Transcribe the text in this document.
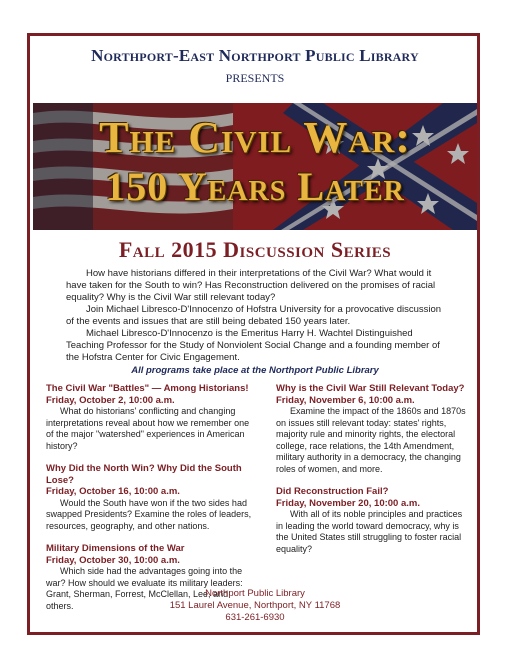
Northport-East Northport Public Library
presents
The Civil War:
150 Years Later
Fall 2015 Discussion Series

How have historians differed in their interpretations of the Civil War? What would it have taken for the South to win? Has Reconstruction delivered on the promises of racial equality? Why is the Civil War still relevant today?

Join Michael Libresco-D'Innocenzo of Hofstra University for a provocative discussion of the events and issues that are still being debated 150 years later.

Michael Libresco-D'Innocenzo is the Emeritus Harry H. Wachtel Distinguished Teaching Professor for the Study of Nonviolent Social Change and a founding member of the Hofstra Center for Civic Engagement.

All programs take place at the Northport Public Library
The Civil War "Battles" — Among Historians!
Friday, October 2, 10:00 a.m.
What do historians' conflicting and changing interpretations reveal about how we remember one of the major "watershed" experiences in American history?
Why Did the North Win? Why Did the South Lose?
Friday, October 16, 10:00 a.m.
Would the South have won if the two sides had swapped Presidents? Examine the roles of leaders, resources, geography, and other nations.
Military Dimensions of the War
Friday, October 30, 10:00 a.m.
Which side had the advantages going into the war? How should we evaluate its military leaders: Grant, Sherman, Forrest, McClellan, Lee, and others.
Why is the Civil War Still Relevant Today?
Friday, November 6, 10:00 a.m.
Examine the impact of the 1860s and 1870s on issues still relevant today: states' rights, majority rule and minority rights, the electoral college, race relations, the 14th Amendment, military authority in a democracy, the changing roles of women, and more.
Did Reconstruction Fail?
Friday, November 20, 10:00 a.m.
With all of its noble principles and practices in leading the world toward democracy, why is the United States still struggling to foster racial equality?
Northport Public Library
151 Laurel Avenue, Northport, NY 11768
631-261-6930
